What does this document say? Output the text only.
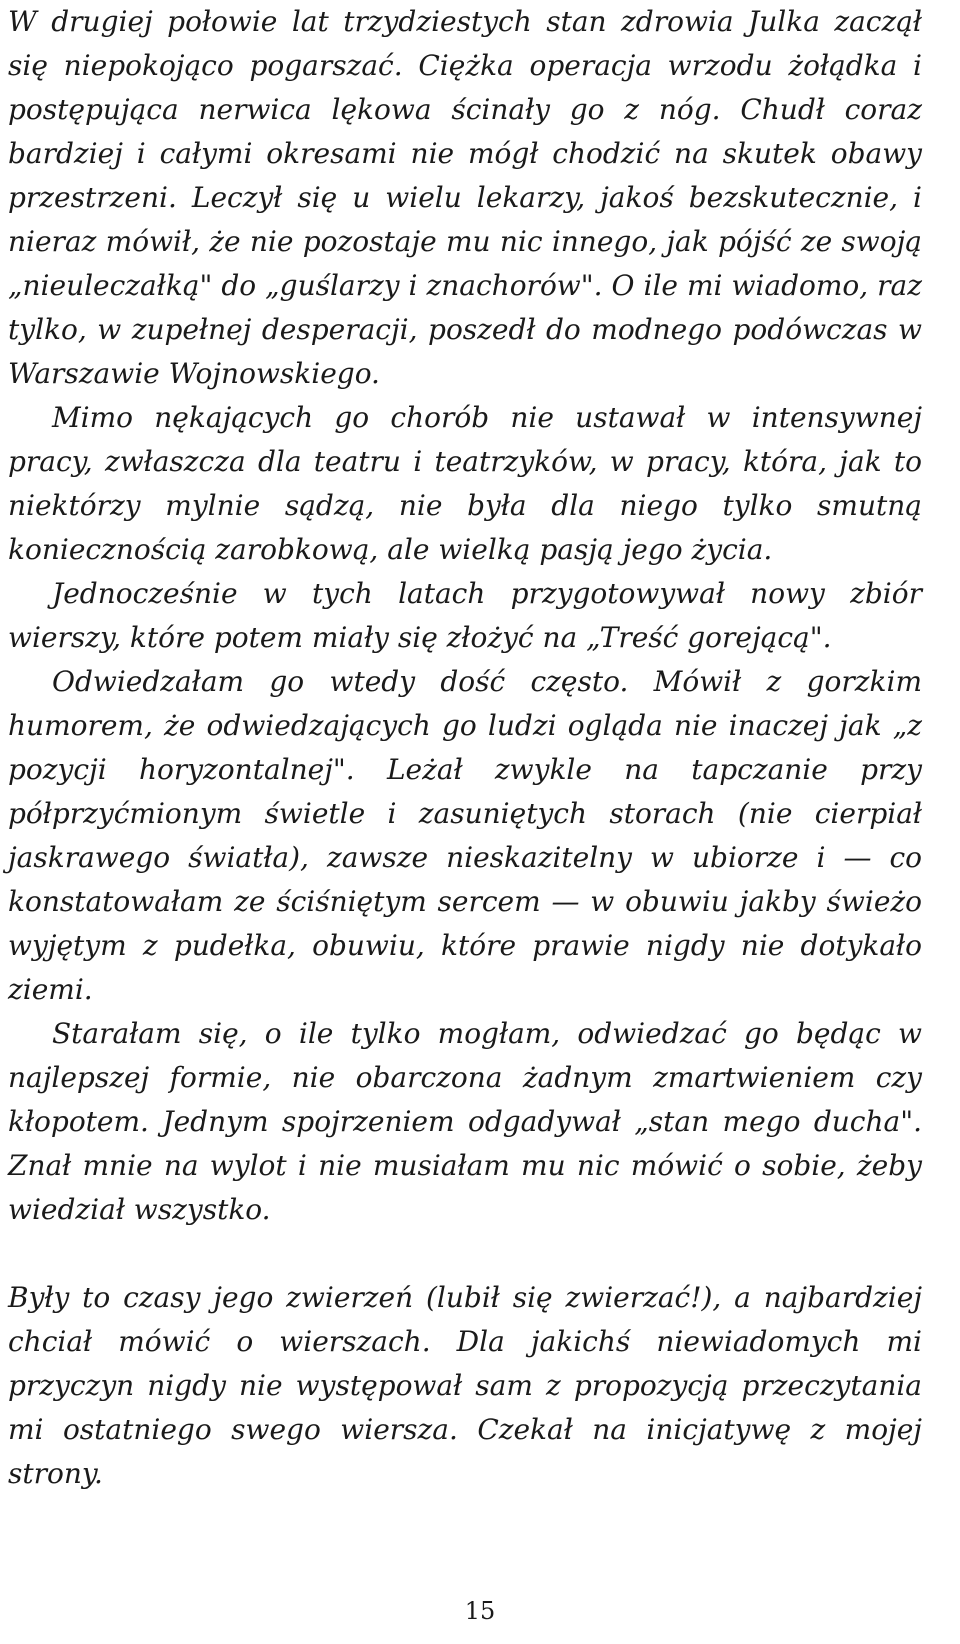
W drugiej połowie lat trzydziestych stan zdrowia Julka zaczął się niepokojąco pogarszać. Ciężka operacja wrzodu żołądka i postępująca nerwica lękowa ścinały go z nóg. Chudł coraz bardziej i całymi okresami nie mógł chodzić na skutek obawy przestrzeni. Leczył się u wielu lekarzy, jakoś bezskutecznie, i nieraz mówił, że nie pozostaje mu nic innego, jak pójść ze swoją „nieuleczałką" do „guślarzy i znachorów". O ile mi wiadomo, raz tylko, w zupełnej desperacji, poszedł do modnego podówczas w Warszawie Wojnowskiego.

Mimo nękających go chorób nie ustawał w intensywnej pracy, zwłaszcza dla teatru i teatrzyków, w pracy, która, jak to niektórzy mylnie sądzą, nie była dla niego tylko smutną koniecznością zarobkową, ale wielką pasją jego życia.

Jednocześnie w tych latach przygotowywał nowy zbiór wierszy, które potem miały się złożyć na „Treść gorejącą".

Odwiedzałam go wtedy dość często. Mówił z gorzkim humorem, że odwiedzających go ludzi ogląda nie inaczej jak „z pozycji horyzontalnej". Leżał zwykle na tapczanie przy półprzyćmionym świetle i zasuniętych storach (nie cierpiał jaskrawego światła), zawsze nieskazitelny w ubiorze i — co konstatowałam ze ściśniętym sercem — w obuwiu jakby świeżo wyjętym z pudełka, obuwiu, które prawie nigdy nie dotykało ziemi.

Starałam się, o ile tylko mogłam, odwiedzać go będąc w najlepszej formie, nie obarczona żadnym zmartwieniem czy kłopotem. Jednym spojrzeniem odgadywał „stan mego ducha". Znał mnie na wylot i nie musiałam mu nic mówić o sobie, żeby wiedział wszystko.

Były to czasy jego zwierzeń (lubił się zwierzać!), a najbardziej chciał mówić o wierszach. Dla jakichś niewiadomych mi przyczyn nigdy nie występował sam z propozycją przeczytania mi ostatniego swego wiersza. Czekał na inicjatywę z mojej strony.

15
